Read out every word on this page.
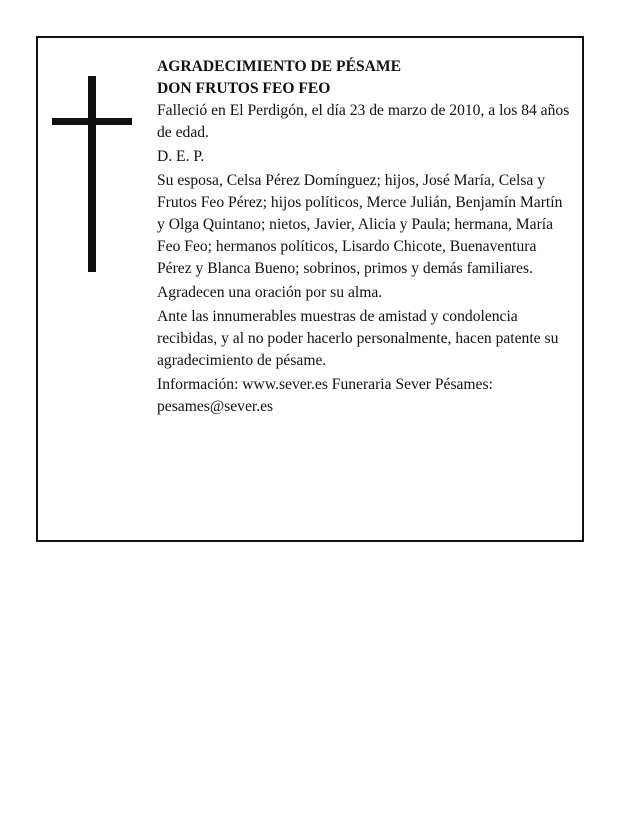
AGRADECIMIENTO DE PÉSAME

DON FRUTOS FEO FEO

Falleció en El Perdigón, el día 23 de marzo de 2010, a los 84 años de edad.

D. E. P.

Su esposa, Celsa Pérez Domínguez; hijos, José María, Celsa y Frutos Feo Pérez; hijos políticos, Merce Julián, Benjamín Martín y Olga Quintano; nietos, Javier, Alicia y Paula; hermana, María Feo Feo; hermanos políticos, Lisardo Chicote, Buenaventura Pérez y Blanca Bueno; sobrinos, primos y demás familiares.

Agradecen una oración por su alma.

Ante las innumerables muestras de amistad y condolencia recibidas, y al no poder hacerlo personalmente, hacen patente su agradecimiento de pésame.

Información: www.sever.es Funeraria Sever Pésames: pesames@sever.es
